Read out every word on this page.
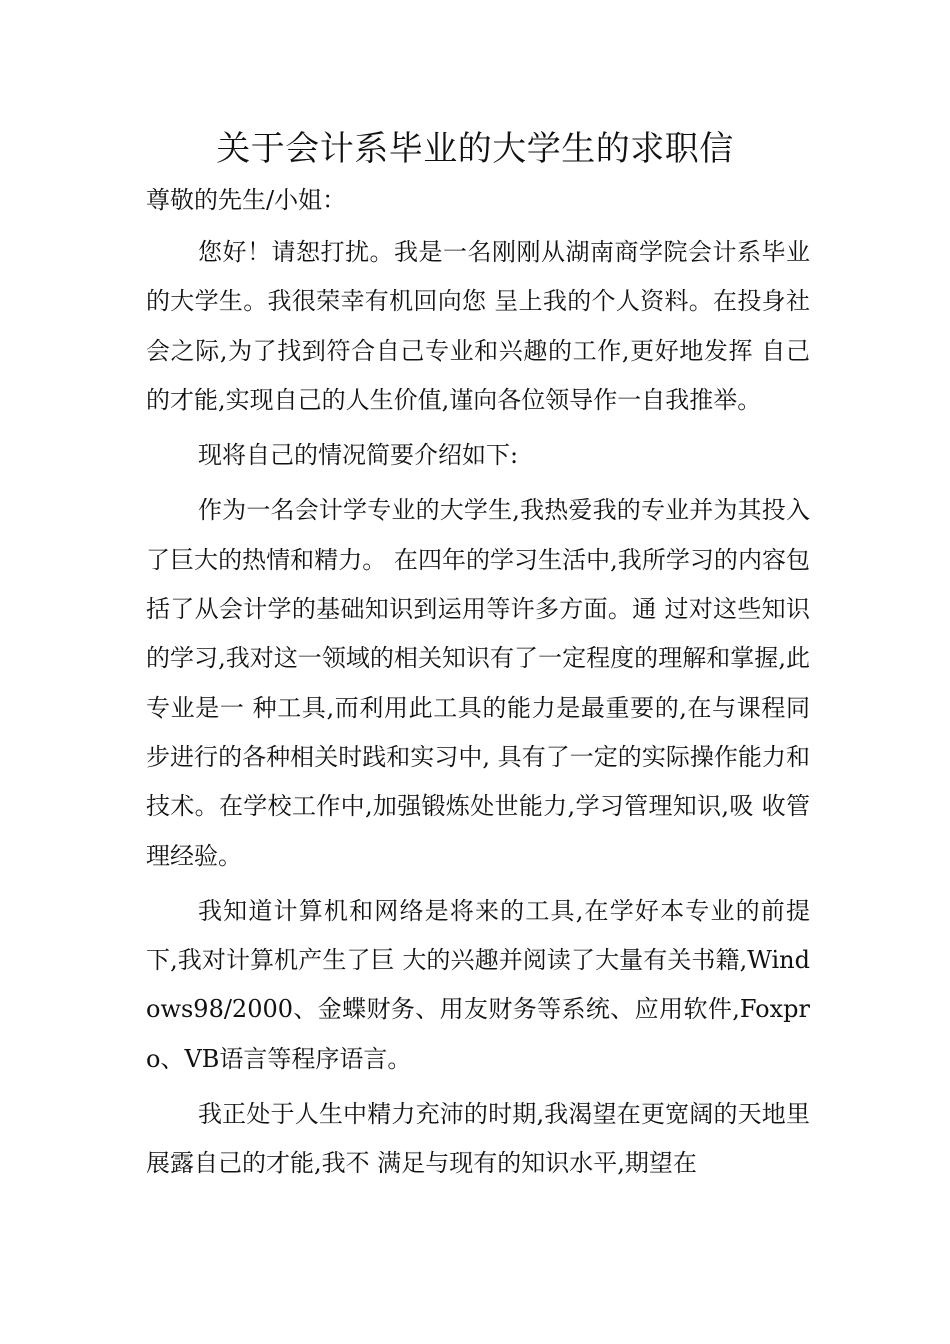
关于会计系毕业的大学生的求职信

尊敬的先生/小姐：

您好！请恕打扰。我是一名刚刚从湖南商学院会计系毕业的大学生。我很荣幸有机回向您 呈上我的个人资料。在投身社会之际,为了找到符合自己专业和兴趣的工作,更好地发挥 自己的才能,实现自己的人生价值,谨向各位领导作一自我推举。

现将自己的情况简要介绍如下:

作为一名会计学专业的大学生,我热爱我的专业并为其投入了巨大的热情和精力。 在四年的学习生活中,我所学习的内容包括了从会计学的基础知识到运用等许多方面。通 过对这些知识的学习,我对这一领域的相关知识有了一定程度的理解和掌握,此专业是一 种工具,而利用此工具的能力是最重要的,在与课程同步进行的各种相关时践和实习中, 具有了一定的实际操作能力和技术。在学校工作中,加强锻炼处世能力,学习管理知识,吸 收管理经验。

我知道计算机和网络是将来的工具,在学好本专业的前提下,我对计算机产生了巨 大的兴趣并阅读了大量有关书籍,Windows98/2000、金蝶财务、用友财务等系统、应用软件,Foxpro、VB语言等程序语言。

我正处于人生中精力充沛的时期,我渴望在更宽阔的天地里展露自己的才能,我不 满足与现有的知识水平,期望在
